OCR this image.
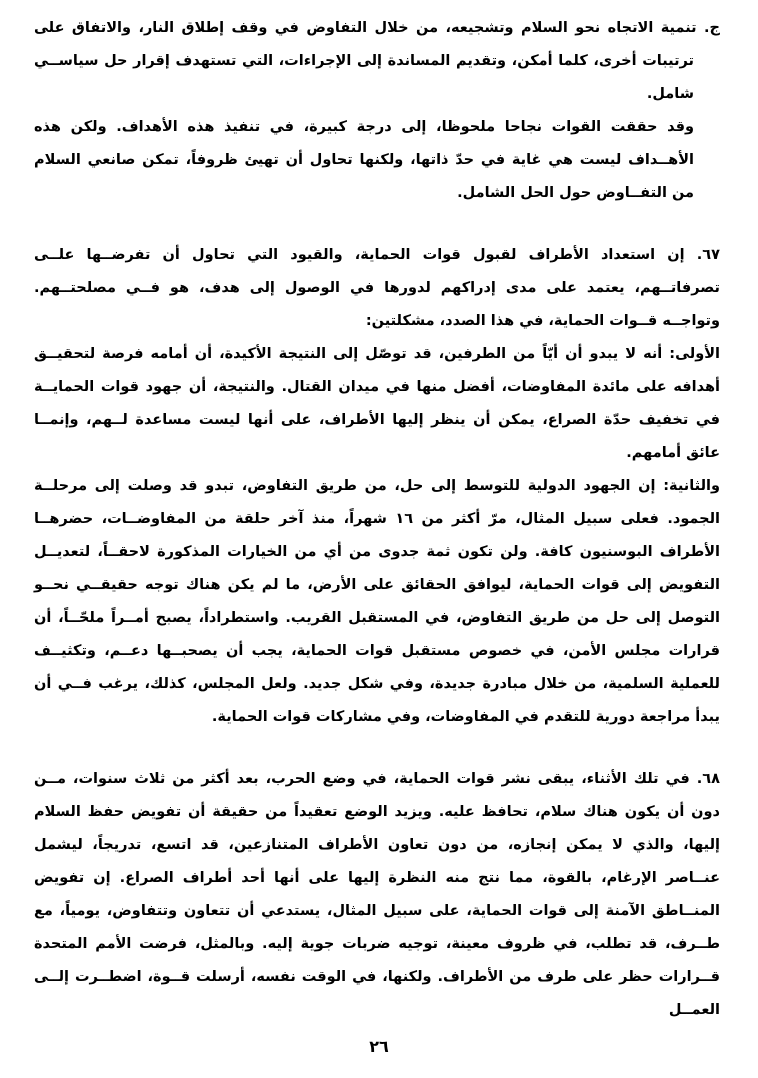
ج. تنمية الاتجاه نحو السلام وتشجيعه، من خلال التفاوض في وقف إطلاق النار، والاتفاق على ترتيبات أخرى، كلما أمكن، وتقديم المساندة إلى الإجراءات، التي تستهدف إقرار حل سياســي شامل.

وقد حققت القوات نجاحا ملحوظا، إلى درجة كبيرة، في تنفيذ هذه الأهداف. ولكن هذه الأهــداف ليست هي غاية في حدّ ذاتها، ولكنها تحاول أن تهيئ ظروفاً، تمكن صانعي السلام من التفــاوض حول الحل الشامل.

٦٧. إن استعداد الأطراف لقبول قوات الحماية، والقيود التي تحاول أن تفرضــها علــى تصرفاتــهم، يعتمد على مدى إدراكهم لدورها في الوصول إلى هدف، هو فــي مصلحتــهم. وتواجــه قــوات الحماية، في هذا الصدد، مشكلتين:

الأولى: أنه لا يبدو أن أيّاً من الطرفين، قد توصّل إلى النتيجة الأكيدة، أن أمامه فرصة لتحقيــق أهدافه على مائدة المفاوضات، أفضل منها في ميدان القتال. والنتيجة، أن جهود قوات الحمايــة في تخفيف حدّة الصراع، يمكن أن ينظر إليها الأطراف، على أنها ليست مساعدة لــهم، وإنمــا عائق أمامهم.

والثانية: إن الجهود الدولية للتوسط إلى حل، من طريق التفاوض، تبدو قد وصلت إلى مرحلــة الجمود. فعلى سبيل المثال، مرّ أكثر من ١٦ شهراً، منذ آخر حلقة من المفاوضــات، حضرهــا الأطراف البوسنيون كافة. ولن تكون ثمة جدوى من أي من الخيارات المذكورة لاحقــاً، لتعديــل التفويض إلى قوات الحماية، ليوافق الحقائق على الأرض، ما لم يكن هناك توجه حقيقــي نحــو التوصل إلى حل من طريق التفاوض، في المستقبل القريب. واستطراداً، يصبح أمــراً ملحّــاً، أن قرارات مجلس الأمن، في خصوص مستقبل قوات الحماية، يجب أن يصحبــها دعــم، وتكثيــف للعملية السلمية، من خلال مبادرة جديدة، وفي شكل جديد. ولعل المجلس، كذلك، يرغب فــي أن يبدأ مراجعة دورية للتقدم في المفاوضات، وفي مشاركات قوات الحماية.

٦٨. في تلك الأثناء، يبقى نشر قوات الحماية، في وضع الحرب، بعد أكثر من ثلاث سنوات، مــن دون أن يكون هناك سلام، تحافظ عليه. ويزيد الوضع تعقيداً من حقيقة أن تفويض حفظ السلام إليها، والذي لا يمكن إنجازه، من دون تعاون الأطراف المتنازعين، قد اتسع، تدريجاً، ليشمل عنــاصر الإرغام، بالقوة، مما نتج منه النظرة إليها على أنها أحد أطراف الصراع. إن تفويض المنــاطق الآمنة إلى قوات الحماية، على سبيل المثال، يستدعي أن تتعاون وتتفاوض، يومياً، مع طــرف، قد تطلب، في ظروف معينة، توجيه ضربات جوية إليه. وبالمثل، فرضت الأمم المتحدة قــرارات حظر على طرف من الأطراف. ولكنها، في الوقت نفسه، أرسلت قــوة، اضطــرت إلــى العمــل

٢٦
